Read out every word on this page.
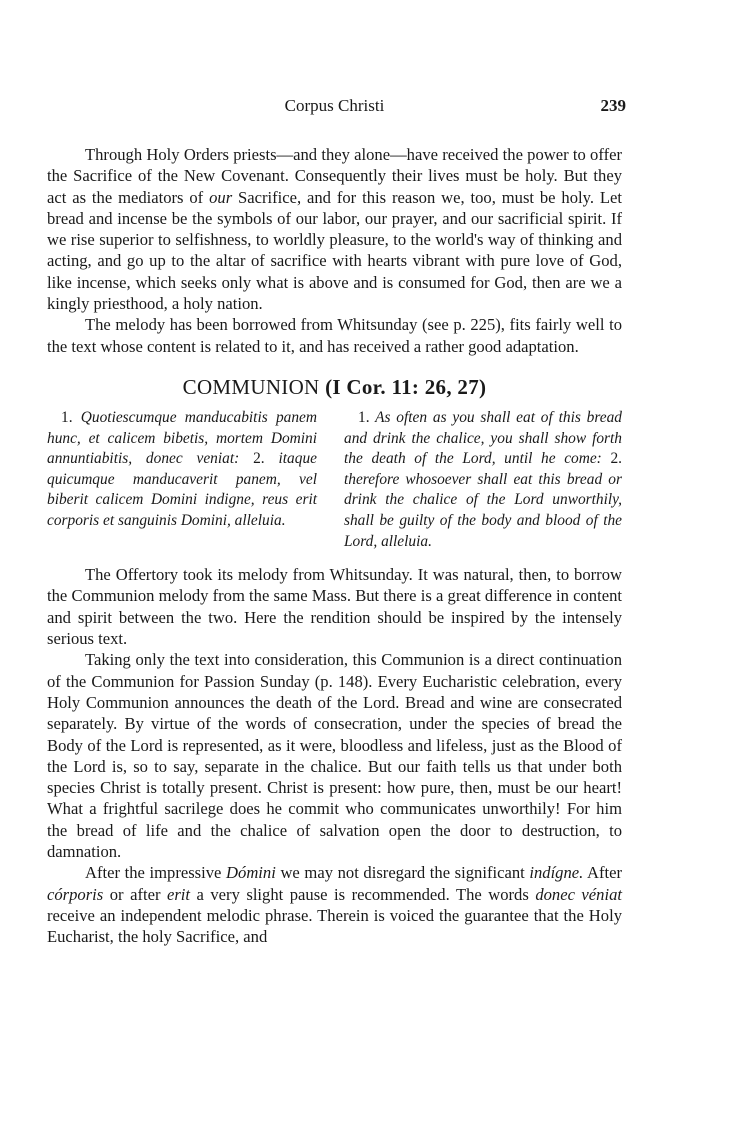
Corpus Christi	239

Through Holy Orders priests—and they alone—have received the power to offer the Sacrifice of the New Covenant. Consequently their lives must be holy. But they act as the mediators of our Sacrifice, and for this reason we, too, must be holy. Let bread and incense be the symbols of our labor, our prayer, and our sacrificial spirit. If we rise superior to selfishness, to worldly pleasure, to the world's way of thinking and acting, and go up to the altar of sacrifice with hearts vibrant with pure love of God, like incense, which seeks only what is above and is consumed for God, then are we a kingly priesthood, a holy nation.

The melody has been borrowed from Whitsunday (see p. 225), fits fairly well to the text whose content is related to it, and has received a rather good adaptation.

COMMUNION (I Cor. 11: 26, 27)
1. Quotiescumque manducabitis panem hunc, et calicem bibetis, mortem Domini annuntiabitis, donec veniat: 2. itaque quicumque manducaverit panem, vel biberit calicem Domini indigne, reus erit corporis et sanguinis Domini, alleluia.
1. As often as you shall eat of this bread and drink the chalice, you shall show forth the death of the Lord, until he come: 2. therefore whosoever shall eat this bread or drink the chalice of the Lord unworthily, shall be guilty of the body and blood of the Lord, alleluia.

The Offertory took its melody from Whitsunday. It was natural, then, to borrow the Communion melody from the same Mass. But there is a great difference in content and spirit between the two. Here the rendition should be inspired by the intensely serious text.

Taking only the text into consideration, this Communion is a direct continuation of the Communion for Passion Sunday (p. 148). Every Eucharistic celebration, every Holy Communion announces the death of the Lord. Bread and wine are consecrated separately. By virtue of the words of consecration, under the species of bread the Body of the Lord is represented, as it were, bloodless and lifeless, just as the Blood of the Lord is, so to say, separate in the chalice. But our faith tells us that under both species Christ is totally present. Christ is present: how pure, then, must be our heart! What a frightful sacrilege does he commit who communicates unworthily! For him the bread of life and the chalice of salvation open the door to destruction, to damnation.

After the impressive Dómini we may not disregard the significant indígne. After córporis or after erit a very slight pause is recommended. The words donec véniat receive an independent melodic phrase. Therein is voiced the guarantee that the Holy Eucharist, the holy Sacrifice, and
